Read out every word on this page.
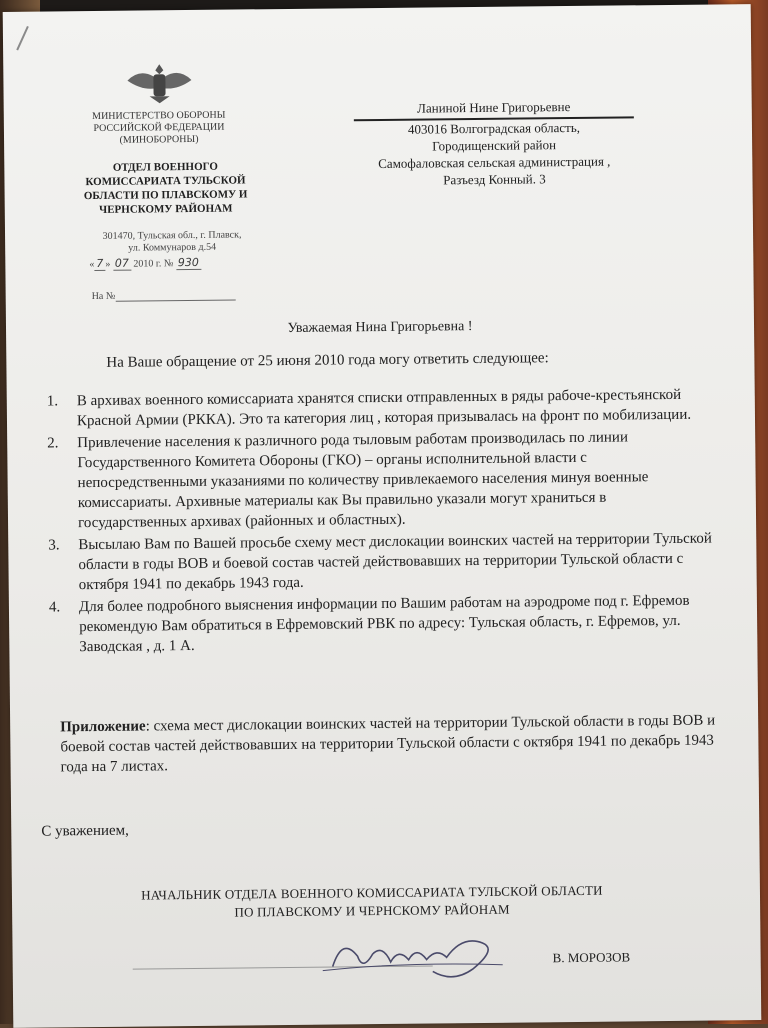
МИНИСТЕРСТВО ОБОРОНЫ
РОССИЙСКОЙ ФЕДЕРАЦИИ
(МИНОБОРОНЫ)
ОТДЕЛ ВОЕННОГО
КОМИССАРИАТА ТУЛЬСКОЙ
ОБЛАСТИ ПО ПЛАВСКОМУ И
ЧЕРНСКОМУ РАЙОНАМ
301470, Тульская обл., г. Плавск,
ул. Коммунаров д.54
« 7 » 07 2010 г. № 930
На №
Ланиной Нине Григорьевне
403016 Волгоградская область,
Городищенский район
Самофаловская сельская администрация ,
Разъезд Конный. 3
Уважаемая Нина Григорьевна !
На Ваше обращение от 25 июня 2010 года могу ответить следующее:
1. В архивах военного комиссариата хранятся списки отправленных в ряды рабоче-крестьянской Красной Армии (РККА). Это та категория лиц , которая призывалась на фронт по мобилизации.
2. Привлечение населения к различного рода тыловым работам производилась по линии Государственного Комитета Обороны (ГКО) – органы исполнительной власти с непосредственными указаниями по количеству привлекаемого населения минуя военные комиссариаты. Архивные материалы как Вы правильно указали могут храниться в государственных архивах (районных и областных).
3. Высылаю Вам по Вашей просьбе схему мест дислокации воинских частей на территории Тульской области в годы ВОВ и боевой состав частей действовавших на территории Тульской области с октября 1941 по декабрь 1943 года.
4. Для более подробного выяснения информации по Вашим работам на аэродроме под г. Ефремов рекомендую Вам обратиться в Ефремовский РВК по адресу: Тульская область, г. Ефремов, ул. Заводская , д. 1 А.
Приложение: схема мест дислокации воинских частей на территории Тульской области в годы ВОВ и боевой состав частей действовавших на территории Тульской области с октября 1941 по декабрь 1943 года на 7 листах.
С уважением,
НАЧАЛЬНИК ОТДЕЛА ВОЕННОГО КОМИССАРИАТА ТУЛЬСКОЙ ОБЛАСТИ
ПО ПЛАВСКОМУ И ЧЕРНСКОМУ РАЙОНАМ
В. МОРОЗОВ
